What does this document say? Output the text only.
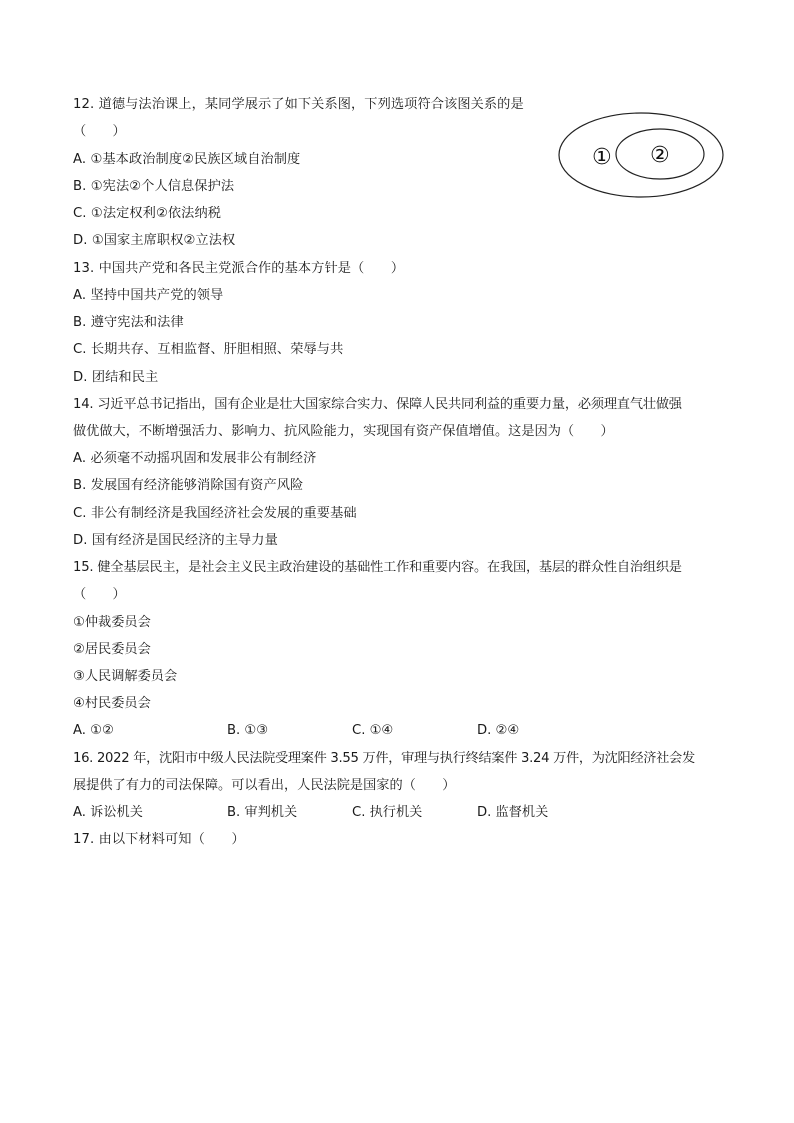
12. 道德与法治课上，某同学展示了如下关系图，下列选项符合该图关系的是
（　　）
A. ①基本政治制度②民族区域自治制度
B. ①宪法②个人信息保护法
C. ①法定权利②依法纳税
D. ①国家主席职权②立法权
① ②
13. 中国共产党和各民主党派合作的基本方针是（　　）
A. 坚持中国共产党的领导
B. 遵守宪法和法律
C. 长期共存、互相监督、肝胆相照、荣辱与共
D. 团结和民主
14. 习近平总书记指出，国有企业是壮大国家综合实力、保障人民共同利益的重要力量，必须理直气壮做强
做优做大，不断增强活力、影响力、抗风险能力，实现国有资产保值增值。这是因为（　　）
A. 必须毫不动摇巩固和发展非公有制经济
B. 发展国有经济能够消除国有资产风险
C. 非公有制经济是我国经济社会发展的重要基础
D. 国有经济是国民经济的主导力量
15. 健全基层民主，是社会主义民主政治建设的基础性工作和重要内容。在我国，基层的群众性自治组织是
（　　）
①仲裁委员会
②居民委员会
③人民调解委员会
④村民委员会
A. ①②	B. ①③	C. ①④	D. ②④
16. 2022 年，沈阳市中级人民法院受理案件 3.55 万件，审理与执行终结案件 3.24 万件，为沈阳经济社会发
展提供了有力的司法保障。可以看出，人民法院是国家的（　　）
A. 诉讼机关	B. 审判机关	C. 执行机关	D. 监督机关
17. 由以下材料可知（　　）
